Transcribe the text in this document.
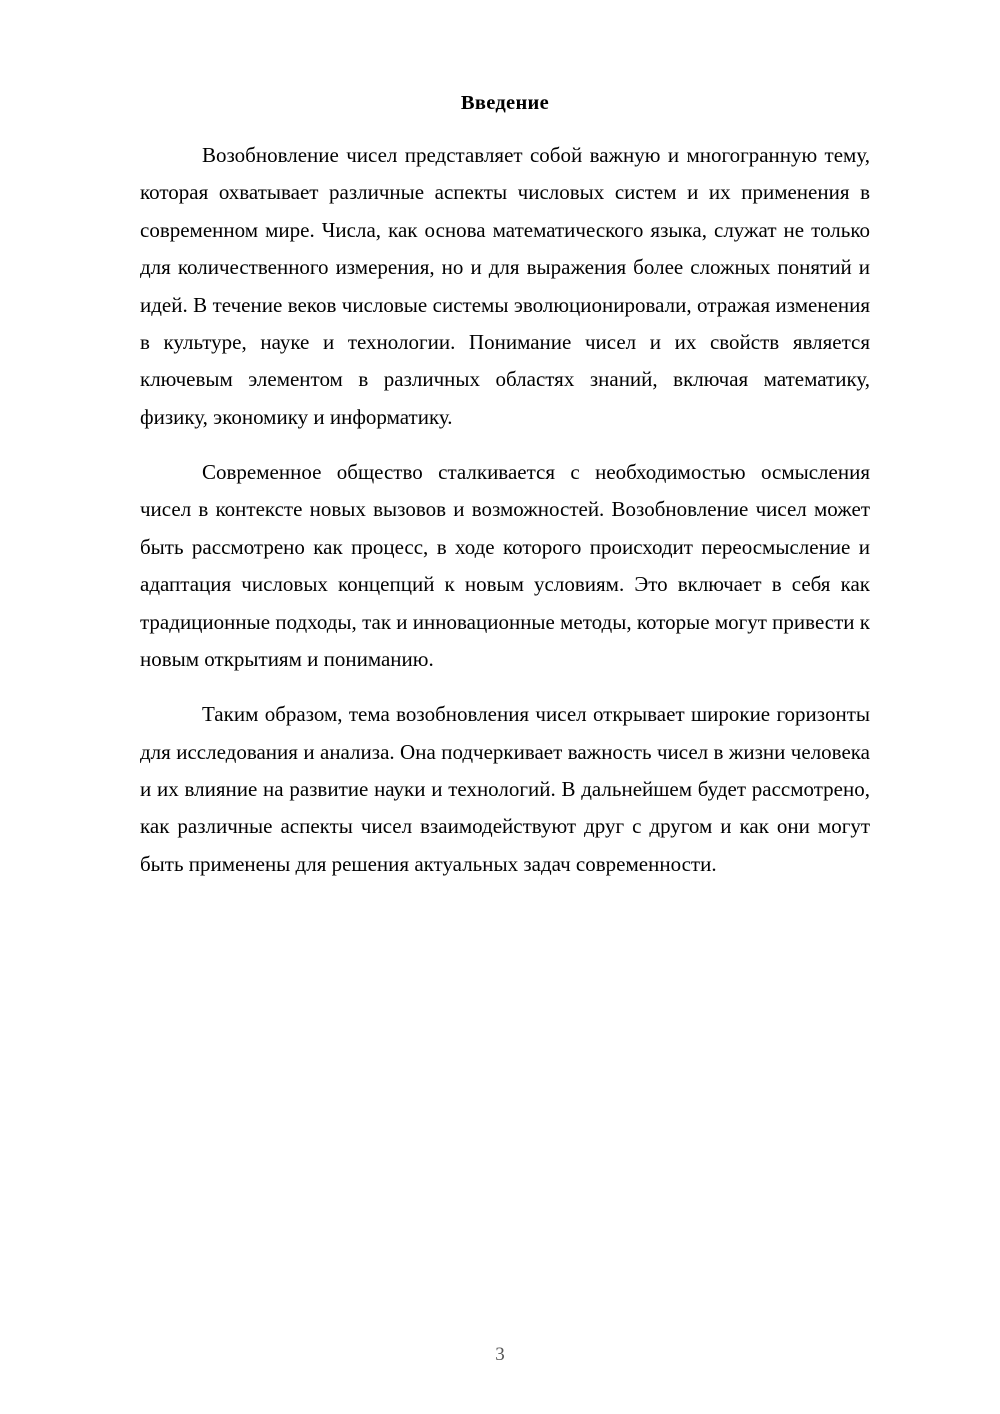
Введение

Возобновление чисел представляет собой важную и многогранную тему, которая охватывает различные аспекты числовых систем и их применения в современном мире. Числа, как основа математического языка, служат не только для количественного измерения, но и для выражения более сложных понятий и идей. В течение веков числовые системы эволюционировали, отражая изменения в культуре, науке и технологии. Понимание чисел и их свойств является ключевым элементом в различных областях знаний, включая математику, физику, экономику и информатику.

Современное общество сталкивается с необходимостью осмысления чисел в контексте новых вызовов и возможностей. Возобновление чисел может быть рассмотрено как процесс, в ходе которого происходит переосмысление и адаптация числовых концепций к новым условиям. Это включает в себя как традиционные подходы, так и инновационные методы, которые могут привести к новым открытиям и пониманию.

Таким образом, тема возобновления чисел открывает широкие горизонты для исследования и анализа. Она подчеркивает важность чисел в жизни человека и их влияние на развитие науки и технологий. В дальнейшем будет рассмотрено, как различные аспекты чисел взаимодействуют друг с другом и как они могут быть применены для решения актуальных задач современности.

3
